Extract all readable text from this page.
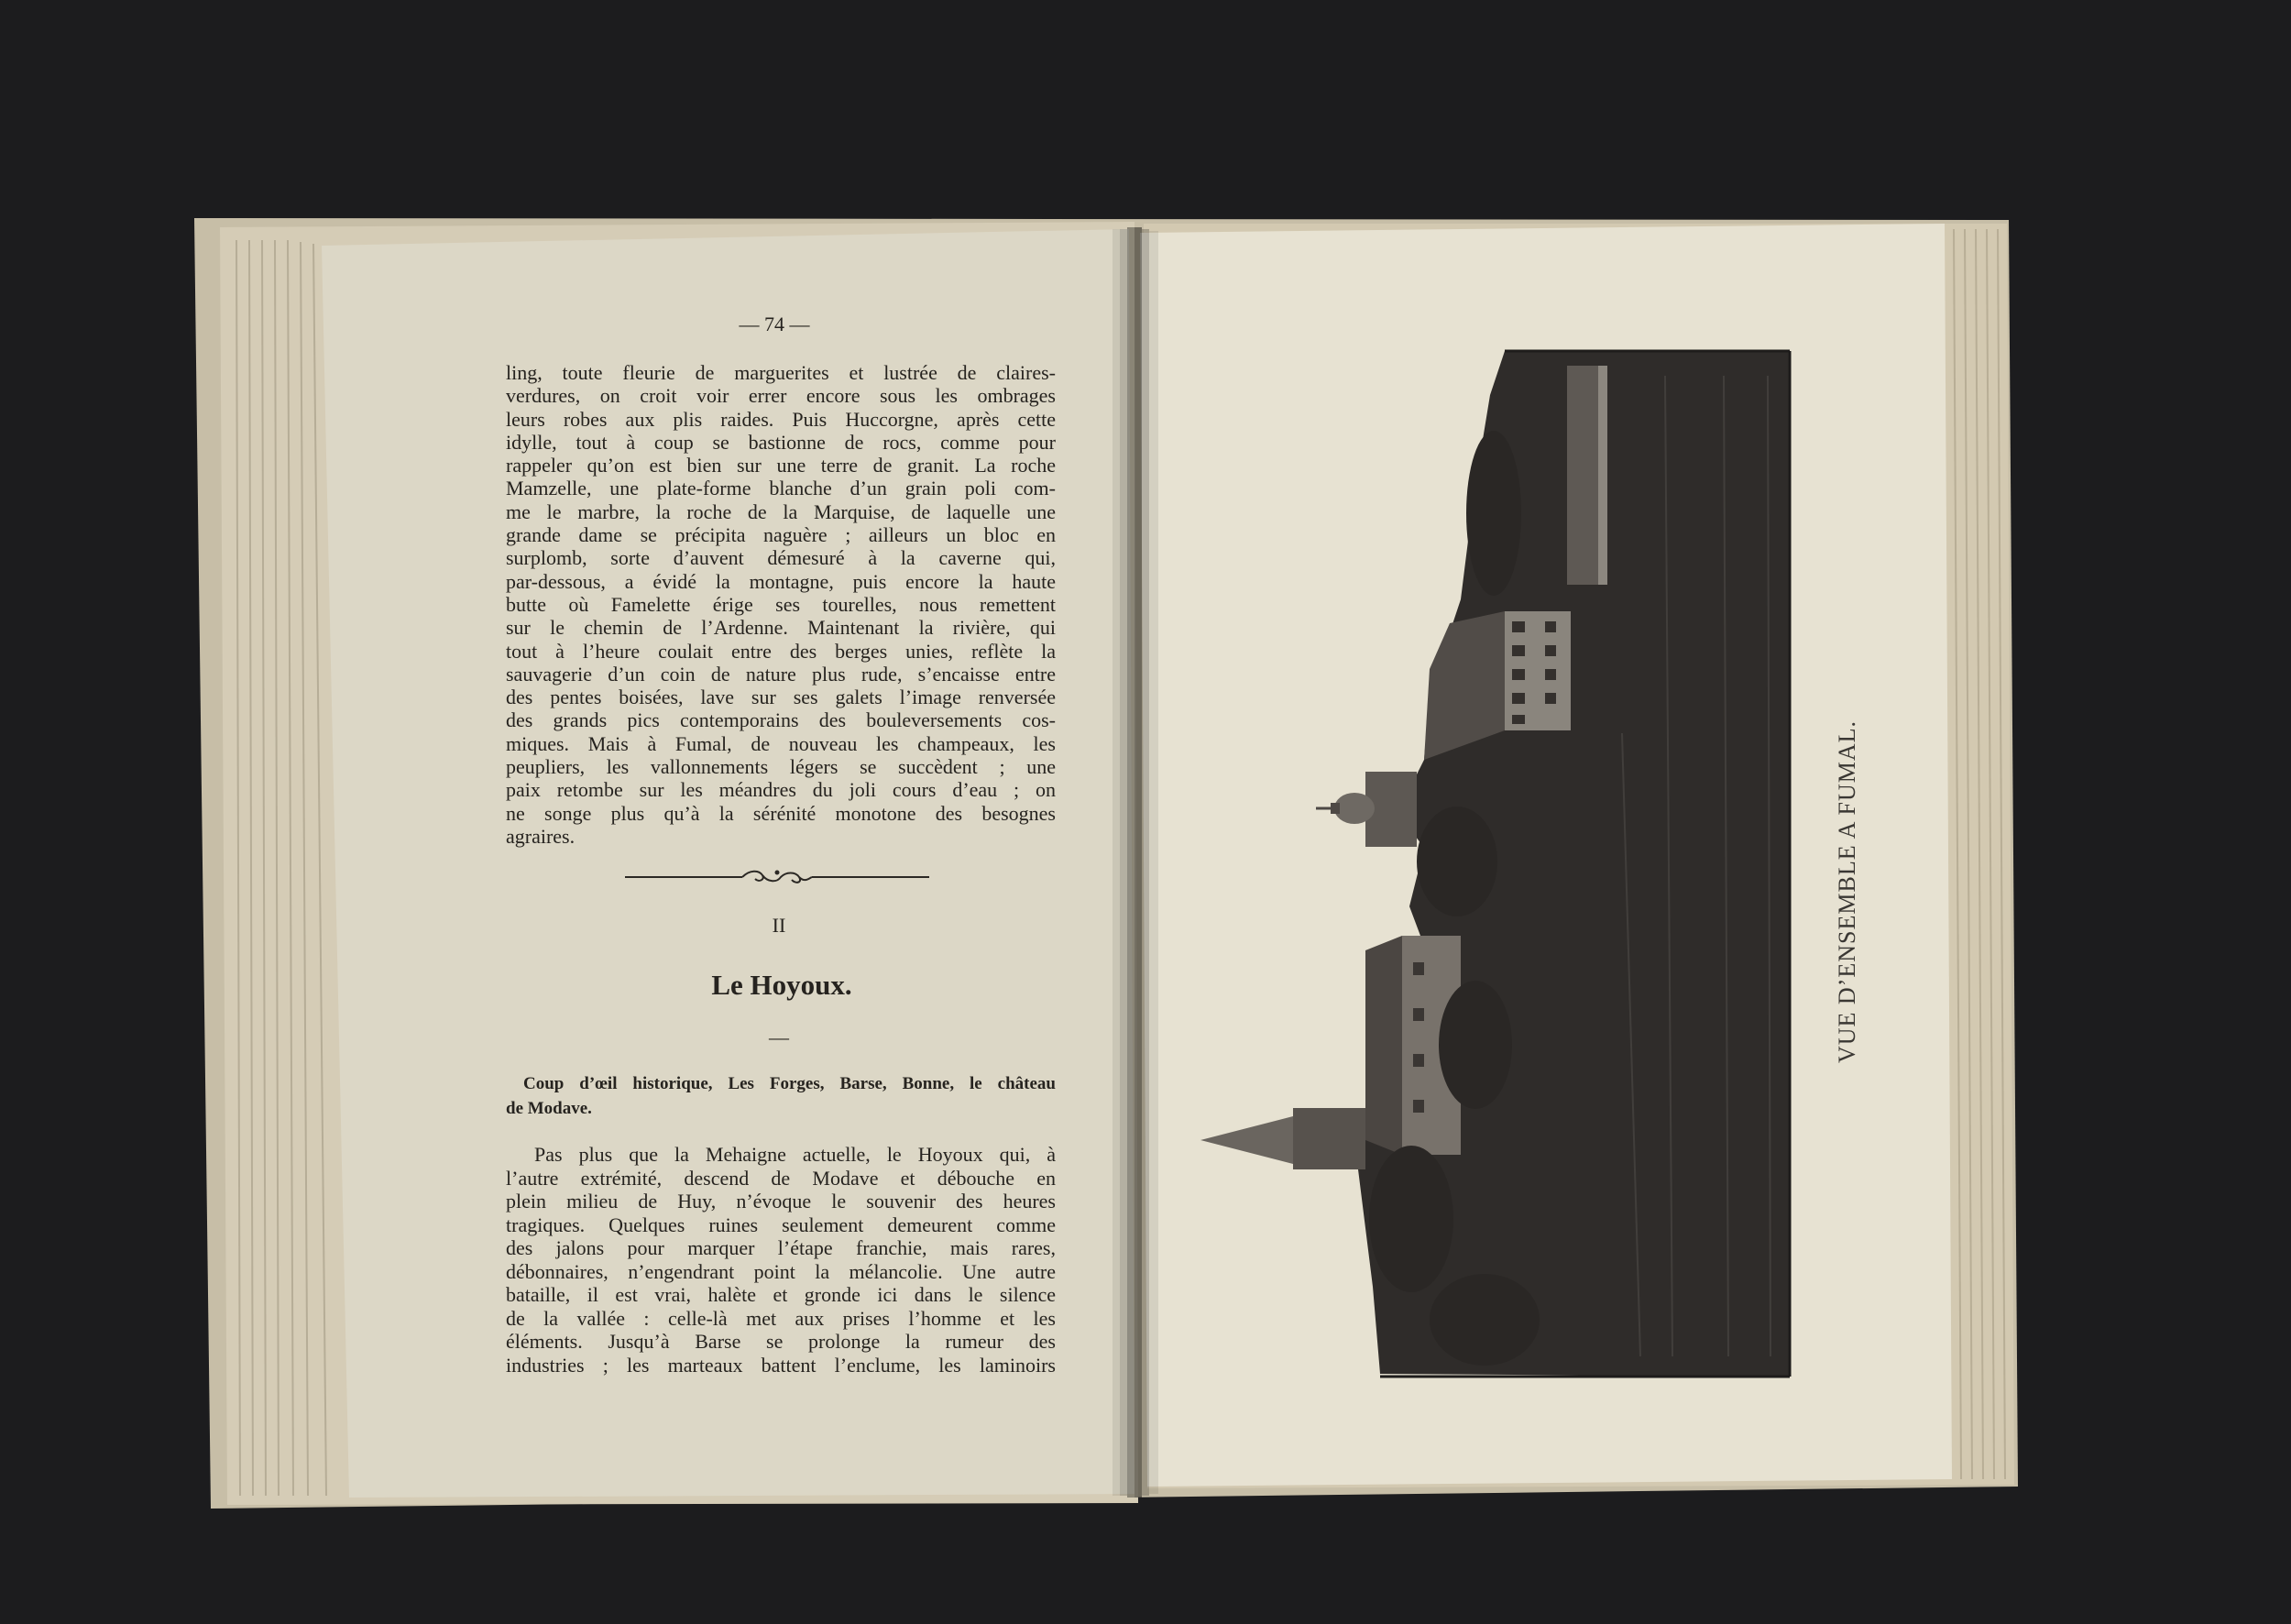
— 74 —
ling, toute fleurie de marguerites et lustrée de claires-
verdures, on croit voir errer encore sous les ombrages
leurs robes aux plis raides. Puis Huccorgne, après cette
idylle, tout à coup se bastionne de rocs, comme pour
rappeler qu’on est bien sur une terre de granit. La roche
Mamzelle, une plate-forme blanche d’un grain poli com-
me le marbre, la roche de la Marquise, de laquelle une
grande dame se précipita naguère ; ailleurs un bloc en
surplomb, sorte d’auvent démesuré à la caverne qui,
par-dessous, a évidé la montagne, puis encore la haute
butte où Famelette érige ses tourelles, nous remettent
sur le chemin de l’Ardenne. Maintenant la rivière, qui
tout à l’heure coulait entre des berges unies, reflète la
sauvagerie d’un coin de nature plus rude, s’encaisse entre
des pentes boisées, lave sur ses galets l’image renversée
des grands pics contemporains des bouleversements cos-
miques. Mais à Fumal, de nouveau les champeaux, les
peupliers, les vallonnements légers se succèdent ; une
paix retombe sur les méandres du joli cours d’eau ; on
ne songe plus qu’à la sérénité monotone des besognes
agraires.
II
Le Hoyoux.
—
Coup d’œil historique, Les Forges, Barse, Bonne, le château
de Modave.
Pas plus que la Mehaigne actuelle, le Hoyoux qui, à
l’autre extrémité, descend de Modave et débouche en
plein milieu de Huy, n’évoque le souvenir des heures
tragiques. Quelques ruines seulement demeurent comme
des jalons pour marquer l’étape franchie, mais rares,
débonnaires, n’engendrant point la mélancolie. Une autre
bataille, il est vrai, halète et gronde ici dans le silence
de la vallée : celle-là met aux prises l’homme et les
éléments. Jusqu’à Barse se prolonge la rumeur des
industries ; les marteaux battent l’enclume, les laminoirs
VUE D’ENSEMBLE A FUMAL.
